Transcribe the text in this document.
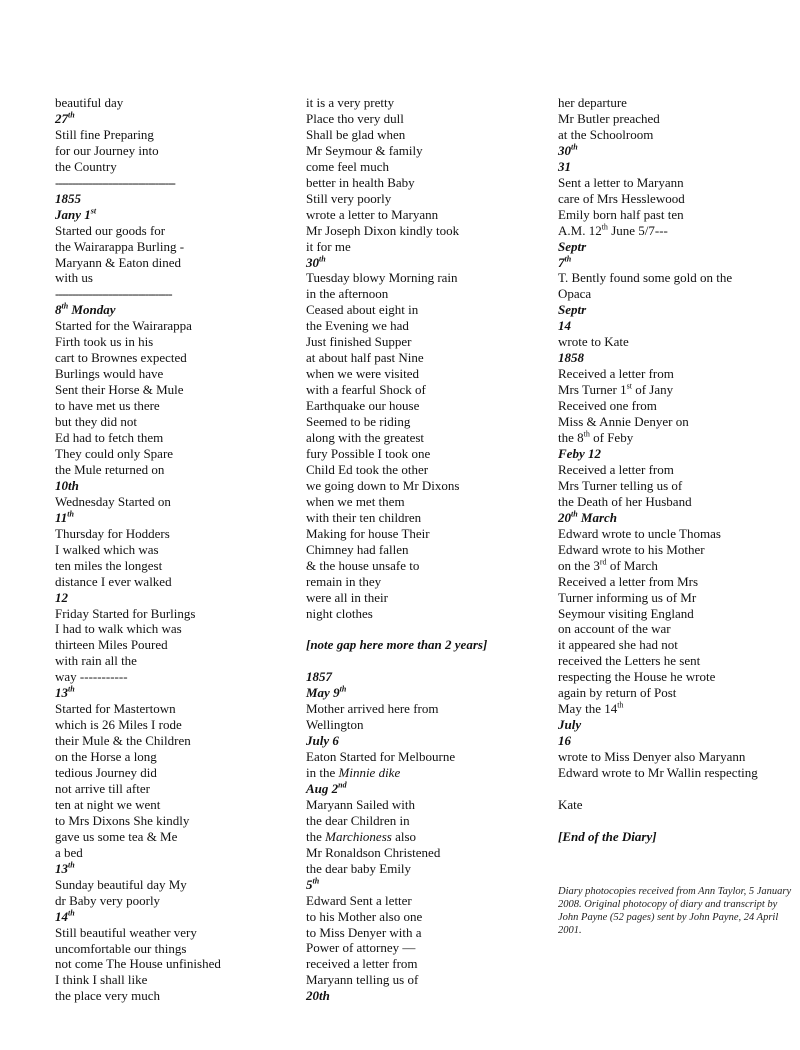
beautiful day
27th
Still fine Preparing
for our Journey into
the Country
------------------------------------
1855
Jany 1st
Started our goods for
the Wairarappa Burling -
Maryann & Eaton dined
with us
-----------------------------------
8th Monday
Started for the Wairarappa
Firth took us in his
cart to Brownes expected
Burlings would have
Sent their Horse & Mule
to have met us there
but they did not
Ed had to fetch them
They could only Spare
the Mule returned on
10th
Wednesday Started on
11th
Thursday for Hodders
I walked which was
ten miles the longest
distance I ever walked
12
Friday Started for Burlings
I had to walk which was
thirteen Miles Poured
with rain all the
way -----------
13th
Started for Mastertown
which is 26 Miles I rode
their Mule & the Children
on the Horse a long
tedious Journey did
not arrive till after
ten at night we went
to Mrs Dixons She kindly
gave us some tea & Me
a bed
13th
Sunday beautiful day My
dr Baby very poorly
14th
Still beautiful weather very
uncomfortable our things
not come The House unfinished
I think I shall like
the place very much
it is a very pretty
Place tho very dull
Shall be glad when
Mr Seymour & family
come feel much
better in health Baby
Still very poorly
wrote a letter to Maryann
Mr Joseph Dixon kindly took
it for me
30th
Tuesday blowy Morning rain
in the afternoon
Ceased about eight in
the Evening we had
Just finished Supper
at about half past Nine
when we were visited
with a fearful Shock of
Earthquake our house
Seemed to be riding
along with the greatest
fury Possible I took one
Child Ed took the other
we going down to Mr Dixons
when we met them
with their ten children
Making for house Their
Chimney had fallen
& the house unsafe to
remain in they
were all in their
night clothes
[note gap here more than 2 years]
1857
May 9th
Mother arrived here from
Wellington
July 6
Eaton Started for Melbourne
in the Minnie dike
Aug 2nd
Maryann Sailed with
the dear Children in
the Marchioness also
Mr Ronaldson Christened
the dear baby Emily
5th
Edward Sent a letter
to his Mother also one
to Miss Denyer with a
Power of attorney —
received a letter from
Maryann telling us of
20th
her departure
Mr Butler preached
at the Schoolroom
30th
31
Sent a letter to Maryann
care of Mrs Hesslewood
Emily born half past ten
A.M. 12th June 5/7---
Septr
7th
T. Bently found some gold on the
Opaca
Septr
14
wrote to Kate
1858
Received a letter from
Mrs Turner 1st of Jany
Received one from
Miss & Annie Denyer on
the 8th of Feby
Feby 12
Received a letter from
Mrs Turner telling us of
the Death of her Husband
20th March
Edward wrote to uncle Thomas
Edward wrote to his Mother
on the 3rd of March
Received a letter from Mrs
Turner informing us of Mr
Seymour visiting England
on account of the war
it appeared she had not
received the Letters he sent
respecting the House he wrote
again by return of Post
May the 14th
July
16
wrote to Miss Denyer also Maryann
Edward wrote to Mr Wallin respecting
Kate
[End of the Diary]
Diary photocopies received from Ann Taylor, 5 January 2008. Original photocopy of diary and transcript by John Payne (52 pages) sent by John Payne, 24 April 2001.
